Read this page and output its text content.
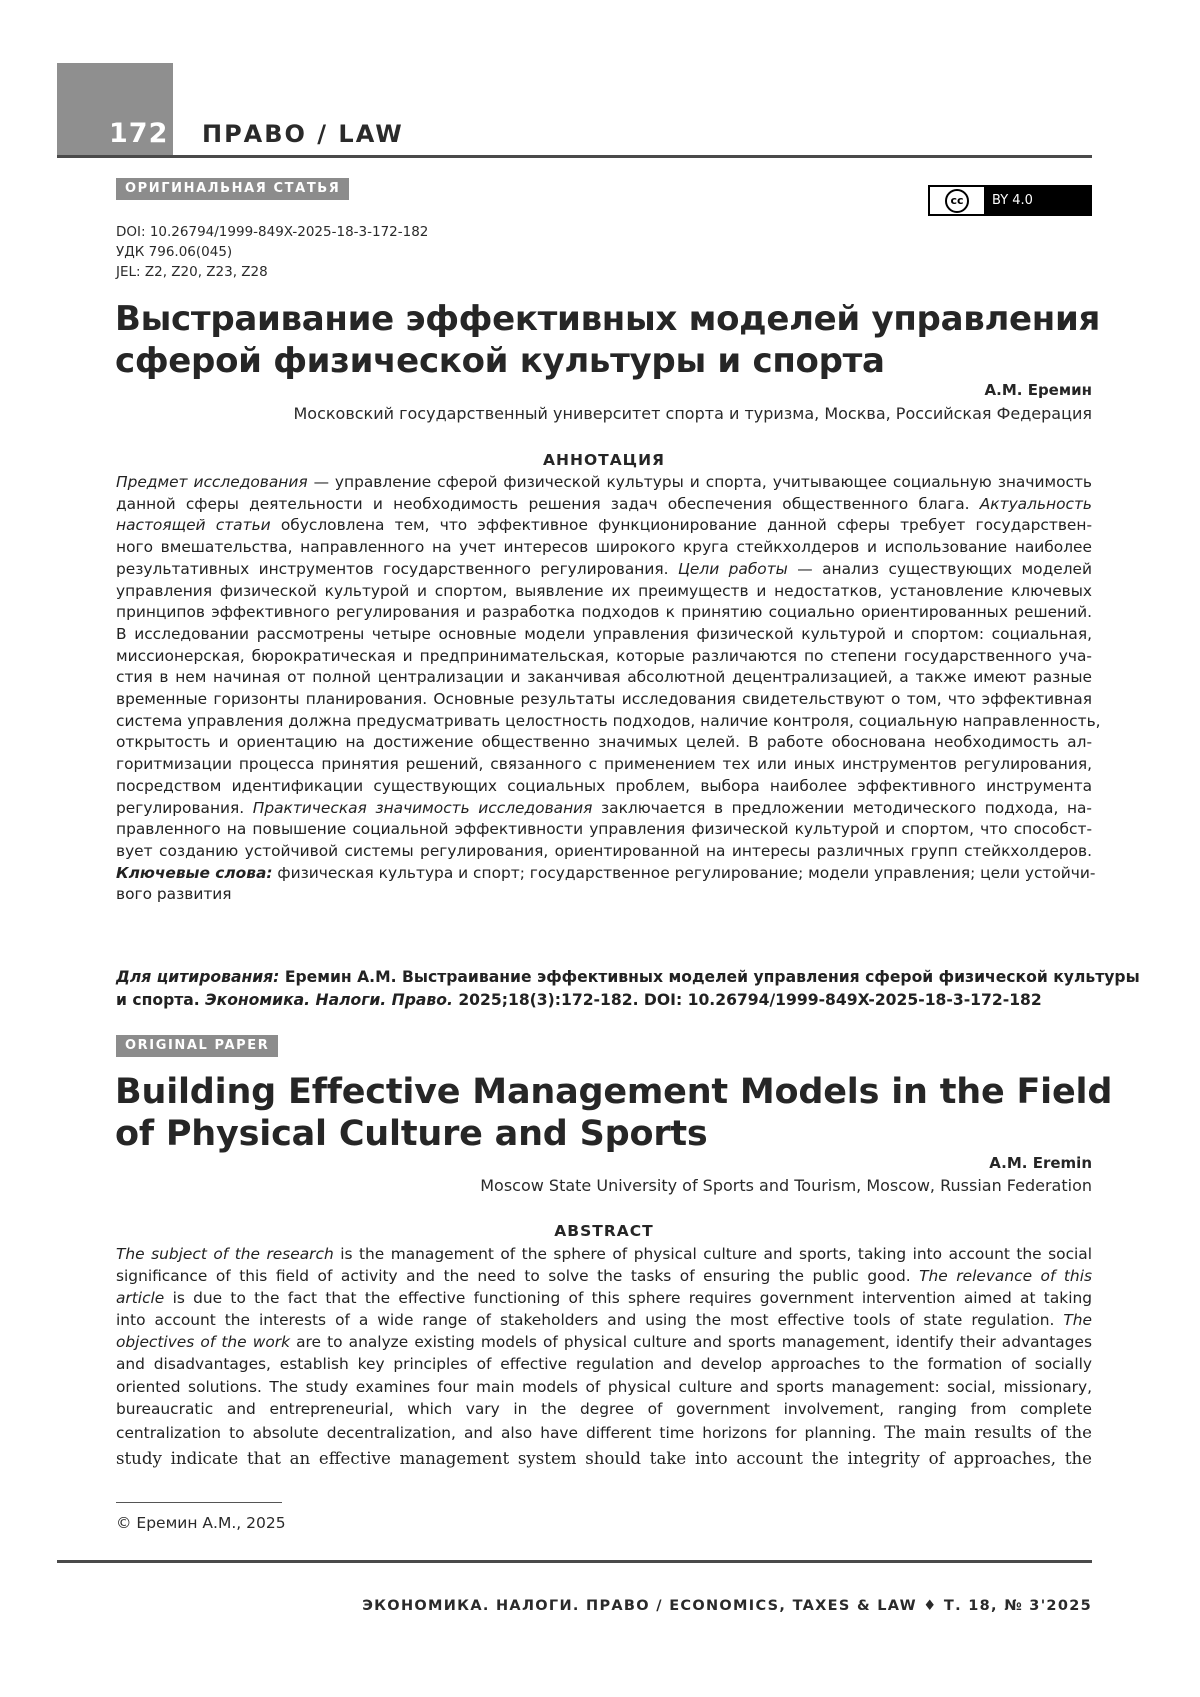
172 ПРАВО / LAW
ОРИГИНАЛЬНАЯ СТАТЬЯ
cc	BY 4.0
DOI: 10.26794/1999-849X-2025-18-3-172-182
УДК 796.06(045)
JEL: Z2, Z20, Z23, Z28
Выстраивание эффективных моделей управления
сферой физической культуры и спорта
А.М. Еремин
Московский государственный университет спорта и туризма, Москва, Российская Федерация
АННОТАЦИЯ
Предмет исследования — управление сферой физической культуры и спорта, учитывающее социальную значимость
данной сферы деятельности и необходимость решения задач обеспечения общественного блага. Актуальность
настоящей статьи обусловлена тем, что эффективное функционирование данной сферы требует государствен-
ного вмешательства, направленного на учет интересов широкого круга стейкхолдеров и использование наиболее
результативных инструментов государственного регулирования. Цели работы — анализ существующих моделей
управления физической культурой и спортом, выявление их преимуществ и недостатков, установление ключевых
принципов эффективного регулирования и разработка подходов к принятию социально ориентированных решений.
В исследовании рассмотрены четыре основные модели управления физической культурой и спортом: социальная,
миссионерская, бюрократическая и предпринимательская, которые различаются по степени государственного уча-
стия в нем начиная от полной централизации и заканчивая абсолютной децентрализацией, а также имеют разные
временные горизонты планирования. Основные результаты исследования свидетельствуют о том, что эффективная
система управления должна предусматривать целостность подходов, наличие контроля, социальную направленность,
открытость и ориентацию на достижение общественно значимых целей. В работе обоснована необходимость ал-
горитмизации процесса принятия решений, связанного с применением тех или иных инструментов регулирования,
посредством идентификации существующих социальных проблем, выбора наиболее эффективного инструмента
регулирования. Практическая значимость исследования заключается в предложении методического подхода, на-
правленного на повышение социальной эффективности управления физической культурой и спортом, что способст-
вует созданию устойчивой системы регулирования, ориентированной на интересы различных групп стейкхолдеров.
Ключевые слова: физическая культура и спорт; государственное регулирование; модели управления; цели устойчи-
вого развития
Для цитирования: Еремин А.М. Выстраивание эффективных моделей управления сферой физической культуры
и спорта. Экономика. Налоги. Право. 2025;18(3):172-182. DOI: 10.26794/1999-849X-2025-18-3-172-182
ORIGINAL PAPER
Building Effective Management Models in the Field
of Physical Culture and Sports
A.M. Eremin
Moscow State University of Sports and Tourism, Moscow, Russian Federation
ABSTRACT
The subject of the research is the management of the sphere of physical culture and sports, taking into account the social
significance of this field of activity and the need to solve the tasks of ensuring the public good. The relevance of this
article is due to the fact that the effective functioning of this sphere requires government intervention aimed at taking
into account the interests of a wide range of stakeholders and using the most effective tools of state regulation. The
objectives of the work are to analyze existing models of physical culture and sports management, identify their advantages
and disadvantages, establish key principles of effective regulation and develop approaches to the formation of socially
oriented solutions. The study examines four main models of physical culture and sports management: social, missionary,
bureaucratic and entrepreneurial, which vary in the degree of government involvement, ranging from complete
centralization to absolute decentralization, and also have different time horizons for planning. The main results of the
study indicate that an effective management system should take into account the integrity of approaches, the
© Еремин А.М., 2025
ЭКОНОМИКА. НАЛОГИ. ПРАВО / ECONOMICS, TAXES & LAW ♦ Т. 18, № 3'2025
